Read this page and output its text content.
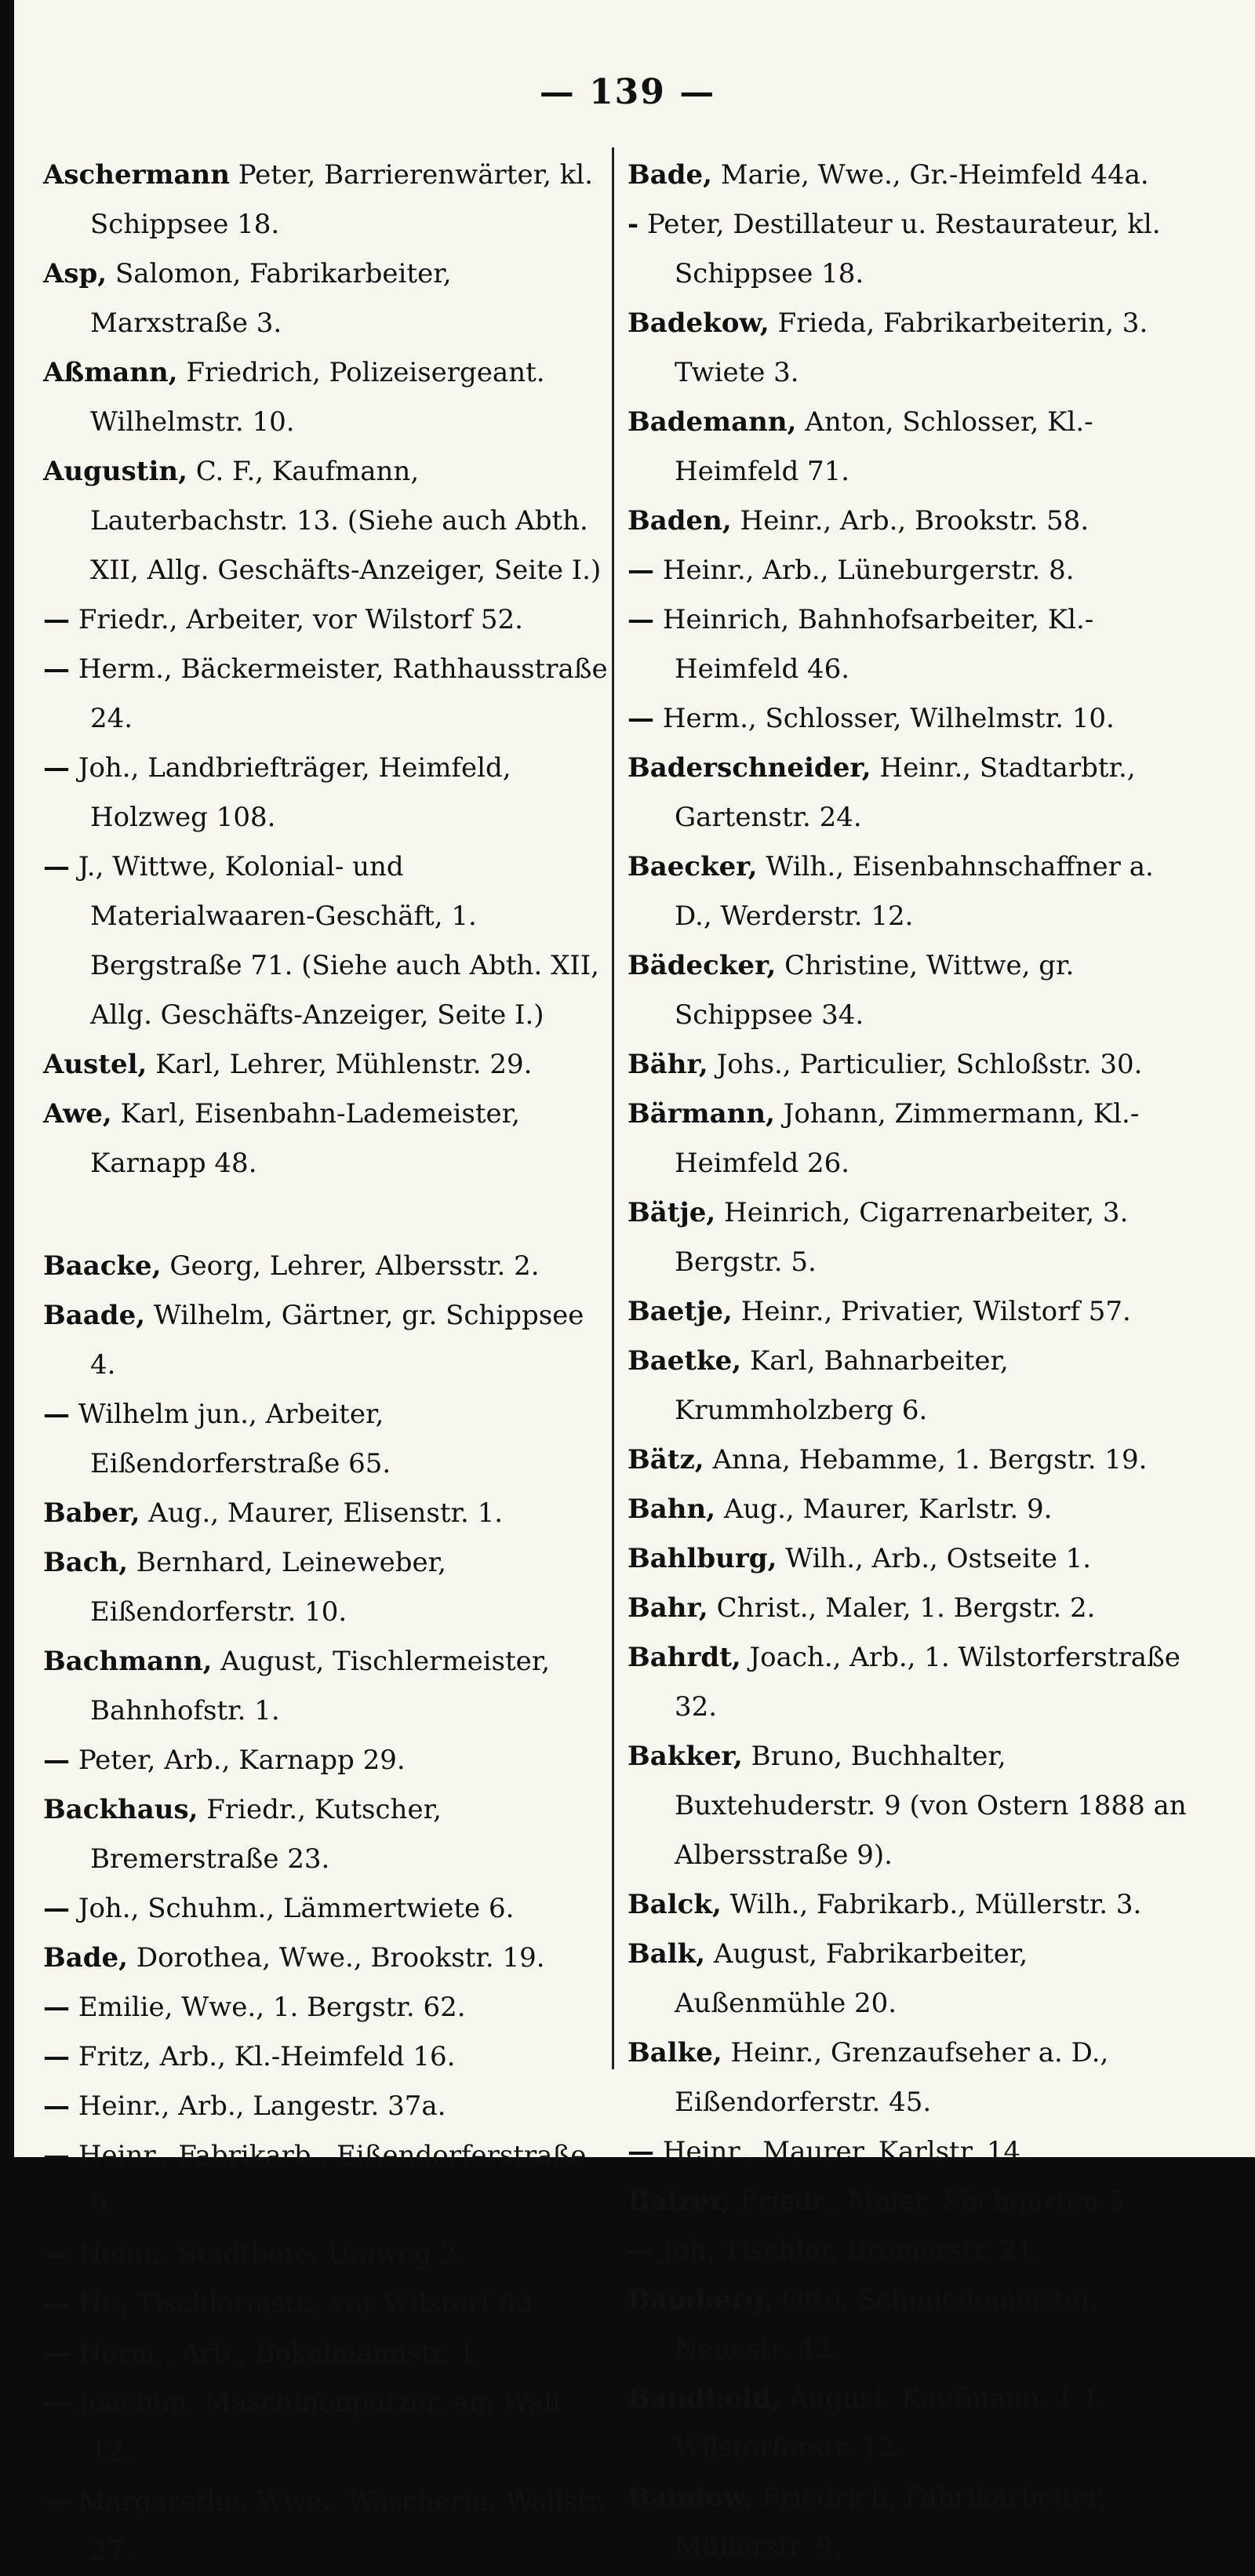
— 139 —

Aschermann Peter, Barrierenwärter, kl. Schippsee 18.

Asp, Salomon, Fabrikarbeiter, Marxstraße 3.

Aßmann, Friedrich, Polizeisergeant. Wilhelmstr. 10.

Augustin, C. F., Kaufmann, Lauterbachstr. 13. (Siehe auch Abth. XII, Allg. Geschäfts-Anzeiger, Seite I.)

— Friedr., Arbeiter, vor Wilstorf 52.

— Herm., Bäckermeister, Rathhausstraße 24.

— Joh., Landbriefträger, Heimfeld, Holzweg 108.

— J., Wittwe, Kolonial- und Materialwaaren-Geschäft, 1. Bergstraße 71. (Siehe auch Abth. XII, Allg. Geschäfts-Anzeiger, Seite I.)

Austel, Karl, Lehrer, Mühlenstr. 29.

Awe, Karl, Eisenbahn-Lademeister, Karnapp 48.

Baacke, Georg, Lehrer, Albersstr. 2.

Baade, Wilhelm, Gärtner, gr. Schippsee 4.

— Wilhelm jun., Arbeiter, Eißendorferstraße 65.

Baber, Aug., Maurer, Elisenstr. 1.

Bach, Bernhard, Leineweber, Eißendorferstr. 10.

Bachmann, August, Tischlermeister, Bahnhofstr. 1.

— Peter, Arb., Karnapp 29.

Backhaus, Friedr., Kutscher, Bremerstraße 23.

— Joh., Schuhm., Lämmertwiete 6.

Bade, Dorothea, Wwe., Brookstr. 19.

— Emilie, Wwe., 1. Bergstr. 62.

— Fritz, Arb., Kl.-Heimfeld 16.

— Heinr., Arb., Langestr. 37a.

— Heinr., Fabrikarb., Eißendorferstraße 9.

— Heinr., Stadtbote, Umweg 2.

— Hr., Tischlermstr., vor Wilstorf 83.

— Herm., Arb., Bokelmannstr. 1.

— Joachim, Maschinenputzer, am Wall 12.

— Margarethe, Wwe., Wäscherin, Wallstr. 27.

Bade, Marie, Wwe., Gr.-Heimfeld 44a.

- Peter, Destillateur u. Restaurateur, kl. Schippsee 18.

Badekow, Frieda, Fabrikarbeiterin, 3. Twiete 3.

Bademann, Anton, Schlosser, Kl.-Heimfeld 71.

Baden, Heinr., Arb., Brookstr. 58.

— Heinr., Arb., Lüneburgerstr. 8.

— Heinrich, Bahnhofsarbeiter, Kl.-Heimfeld 46.

— Herm., Schlosser, Wilhelmstr. 10.

Baderschneider, Heinr., Stadtarbtr., Gartenstr. 24.

Baecker, Wilh., Eisenbahnschaffner a. D., Werderstr. 12.

Bädecker, Christine, Wittwe, gr. Schippsee 34.

Bähr, Johs., Particulier, Schloßstr. 30.

Bärmann, Johann, Zimmermann, Kl.-Heimfeld 26.

Bätje, Heinrich, Cigarrenarbeiter, 3. Bergstr. 5.

Baetje, Heinr., Privatier, Wilstorf 57.

Baetke, Karl, Bahnarbeiter, Krummholzberg 6.

Bätz, Anna, Hebamme, 1. Bergstr. 19.

Bahn, Aug., Maurer, Karlstr. 9.

Bahlburg, Wilh., Arb., Ostseite 1.

Bahr, Christ., Maler, 1. Bergstr. 2.

Bahrdt, Joach., Arb., 1. Wilstorferstraße 32.

Bakker, Bruno, Buchhalter, Buxtehuderstr. 9 (von Ostern 1888 an Albersstraße 9).

Balck, Wilh., Fabrikarb., Müllerstr. 3.

Balk, August, Fabrikarbeiter, Außenmühle 20.

Balke, Heinr., Grenzaufseher a. D., Eißendorferstr. 45.

— Heinr., Maurer, Karlstr. 14.

Balzer, Friedr., Maler, Küchgarten 5.

— Joh, Tischler, Bremerstr. 21.

Bamberg, Otto, Schmiedemeister, Neuestr. 42.

Bandhold, August, Kaufmann, 1 1. Wilstorferstr. 12.

Bandow, Friedrich, Fabrikarbeiter, Müllerstr. 9.
